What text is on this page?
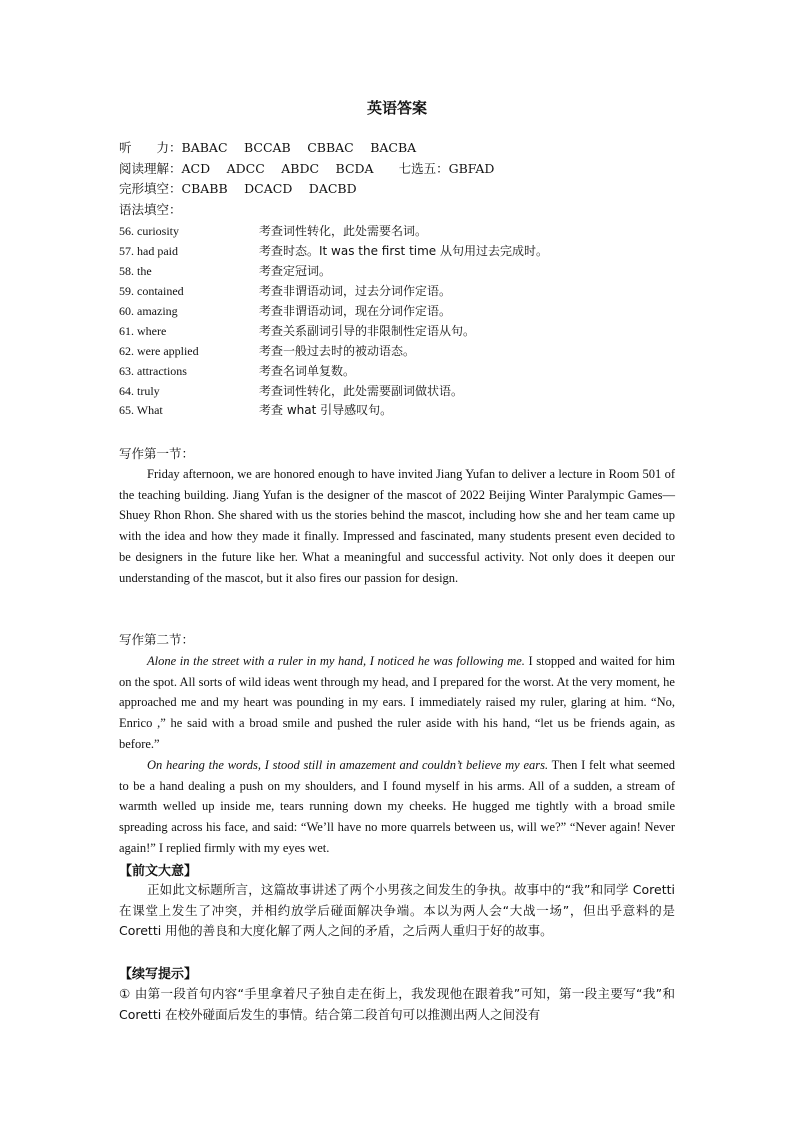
英语答案
听　　力：BABAC　 BCCAB　 CBBAC　 BACBA
阅读理解：ACD　 ADCC　 ABDC　 BCDA　　七选五：GBFAD
完形填空：CBABB　 DCACD　 DACBD
语法填空：
56. curiosity	考查词性转化，此处需要名词。
57. had paid	考查时态。It was the first time 从句用过去完成时。
58. the	考查定冠词。
59. contained	考查非谓语动词，过去分词作定语。
60. amazing	考查非谓语动词，现在分词作定语。
61. where	考查关系副词引导的非限制性定语从句。
62. were applied	考查一般过去时的被动语态。
63. attractions	考查名词单复数。
64. truly	考查词性转化，此处需要副词做状语。
65. What	考查 what 引导感叹句。
写作第一节：
Friday afternoon, we are honored enough to have invited Jiang Yufan to deliver a lecture in Room 501 of the teaching building. Jiang Yufan is the designer of the mascot of 2022 Beijing Winter Paralympic Games—Shuey Rhon Rhon. She shared with us the stories behind the mascot, including how she and her team came up with the idea and how they made it finally. Impressed and fascinated, many students present even decided to be designers in the future like her. What a meaningful and successful activity. Not only does it deepen our understanding of the mascot, but it also fires our passion for design.
写作第二节：
Alone in the street with a ruler in my hand, I noticed he was following me. I stopped and waited for him on the spot. All sorts of wild ideas went through my head, and I prepared for the worst. At the very moment, he approached me and my heart was pounding in my ears. I immediately raised my ruler, glaring at him. “No, Enrico ,” he said with a broad smile and pushed the ruler aside with his hand, “let us be friends again, as before.”
On hearing the words, I stood still in amazement and couldn’t believe my ears. Then I felt what seemed to be a hand dealing a push on my shoulders, and I found myself in his arms. All of a sudden, a stream of warmth welled up inside me, tears running down my cheeks. He hugged me tightly with a broad smile spreading across his face, and said: “We’ll have no more quarrels between us, will we?” “Never again! Never again!” I replied firmly with my eyes wet.
【前文大意】
正如此文标题所言，这篇故事讲述了两个小男孩之间发生的争执。故事中的“我”和同学 Coretti 在课堂上发生了冲突，并相约放学后碰面解决争端。本以为两人会“大战一场”，但出乎意料的是 Coretti 用他的善良和大度化解了两人之间的矛盾，之后两人重归于好的故事。
【续写提示】
① 由第一段首句内容“手里拿着尺子独自走在街上，我发现他在跟着我”可知，第一段主要写“我”和 Coretti 在校外碰面后发生的事情。结合第二段首句可以推测出两人之间没有
